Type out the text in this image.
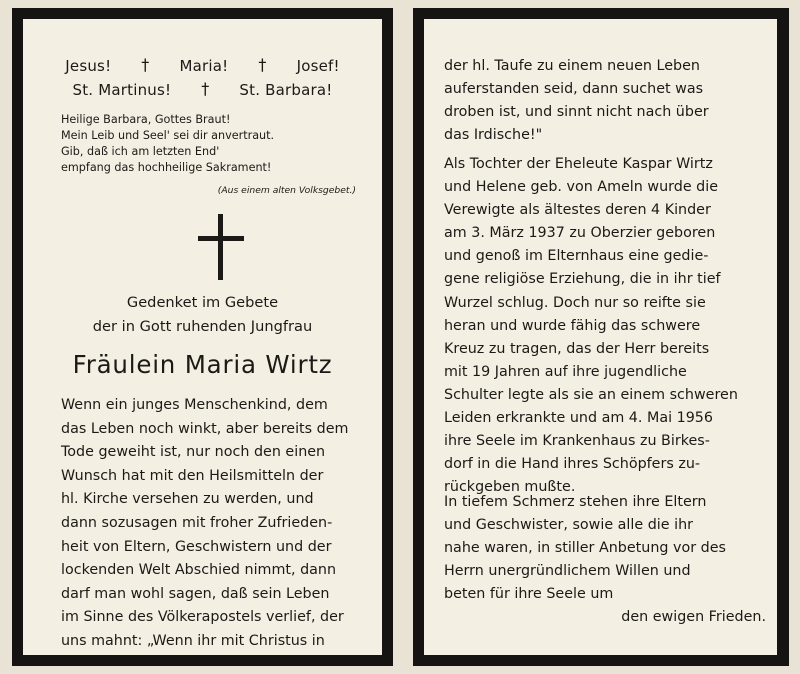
Jesus! † Maria! † Josef!
St. Martinus! † St. Barbara!
Heilige Barbara, Gottes Braut!
Mein Leib und Seel' sei dir anvertraut.
Gib, daß ich am letzten End'
empfang das hochheilige Sakrament!
(Aus einem alten Volksgebet.)
Gedenket im Gebete
der in Gott ruhenden Jungfrau
Fräulein Maria Wirtz
Wenn ein junges Menschenkind, dem
das Leben noch winkt, aber bereits dem
Tode geweiht ist, nur noch den einen
Wunsch hat mit den Heilsmitteln der
hl. Kirche versehen zu werden, und
dann sozusagen mit froher Zufrieden-
heit von Eltern, Geschwistern und der
lockenden Welt Abschied nimmt, dann
darf man wohl sagen, daß sein Leben
im Sinne des Völkerapostels verlief, der
uns mahnt: „Wenn ihr mit Christus in
der hl. Taufe zu einem neuen Leben
auferstanden seid, dann suchet was
droben ist, und sinnt nicht nach über
das Irdische!"
Als Tochter der Eheleute Kaspar Wirtz
und Helene geb. von Ameln wurde die
Verewigte als ältestes deren 4 Kinder
am 3. März 1937 zu Oberzier geboren
und genoß im Elternhaus eine gedie-
gene religiöse Erziehung, die in ihr tief
Wurzel schlug. Doch nur so reifte sie
heran und wurde fähig das schwere
Kreuz zu tragen, das der Herr bereits
mit 19 Jahren auf ihre jugendliche
Schulter legte als sie an einem schweren
Leiden erkrankte und am 4. Mai 1956
ihre Seele im Krankenhaus zu Birkes-
dorf in die Hand ihres Schöpfers zu-
rückgeben mußte.
In tiefem Schmerz stehen ihre Eltern
und Geschwister, sowie alle die ihr
nahe waren, in stiller Anbetung vor des
Herrn unergründlichem Willen und
beten für ihre Seele um
den ewigen Frieden.
